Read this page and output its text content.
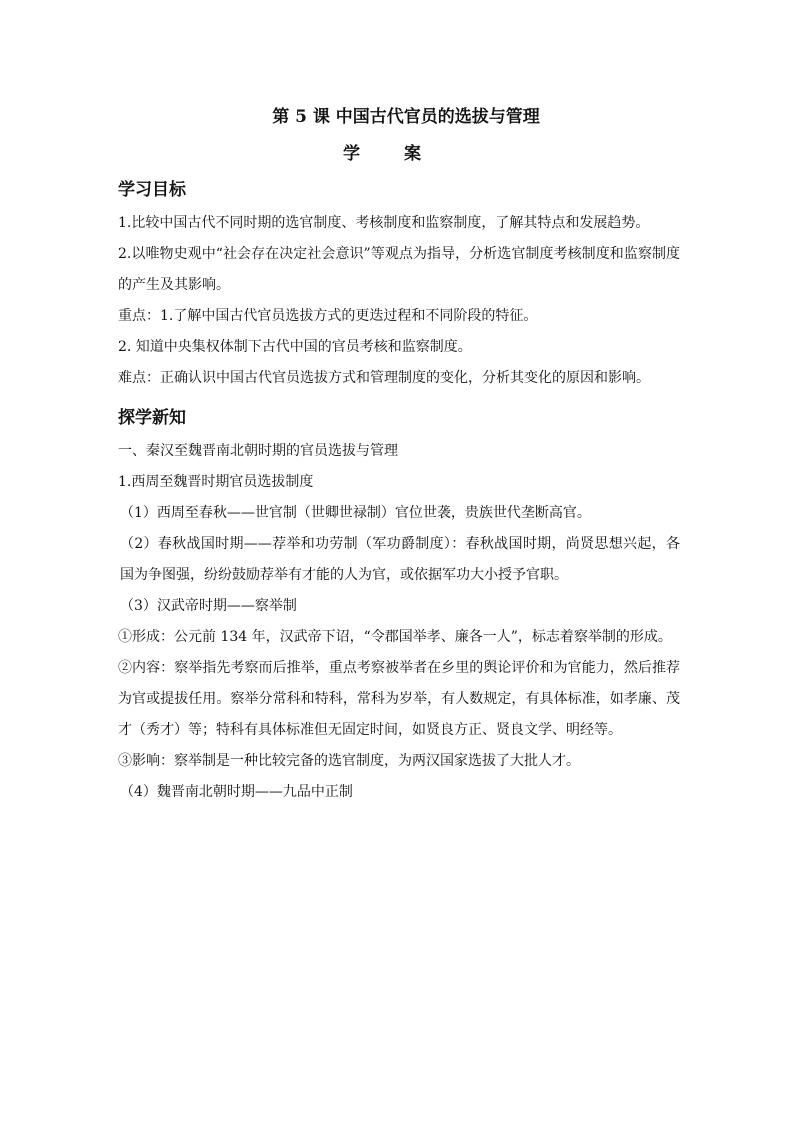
第 5 课 中国古代官员的选拔与管理
学案
学习目标

1.比较中国古代不同时期的选官制度、考核制度和监察制度，了解其特点和发展趋势。

2.以唯物史观中“社会存在决定社会意识”等观点为指导，分析选官制度考核制度和监察制度的产生及其影响。

重点：1.了解中国古代官员选拔方式的更迭过程和不同阶段的特征。

2. 知道中央集权体制下古代中国的官员考核和监察制度。

难点：正确认识中国古代官员选拔方式和管理制度的变化，分析其变化的原因和影响。

探学新知

一、秦汉至魏晋南北朝时期的官员选拔与管理

1.西周至魏晋时期官员选拔制度

（1）西周至春秋——世官制（世卿世禄制）官位世袭，贵族世代垄断高官。

（2）春秋战国时期——荐举和功劳制（军功爵制度）：春秋战国时期，尚贤思想兴起，各国为争图强，纷纷鼓励荐举有才能的人为官，或依据军功大小授予官职。

（3）汉武帝时期——察举制

①形成：公元前 134 年，汉武帝下诏，“令郡国举孝、廉各一人”，标志着察举制的形成。

②内容：察举指先考察而后推举，重点考察被举者在乡里的舆论评价和为官能力，然后推荐为官或提拔任用。察举分常科和特科，常科为岁举，有人数规定，有具体标准，如孝廉、茂才（秀才）等；特科有具体标准但无固定时间，如贤良方正、贤良文学、明经等。

③影响：察举制是一种比较完备的选官制度，为两汉国家选拔了大批人才。

（4）魏晋南北朝时期——九品中正制
